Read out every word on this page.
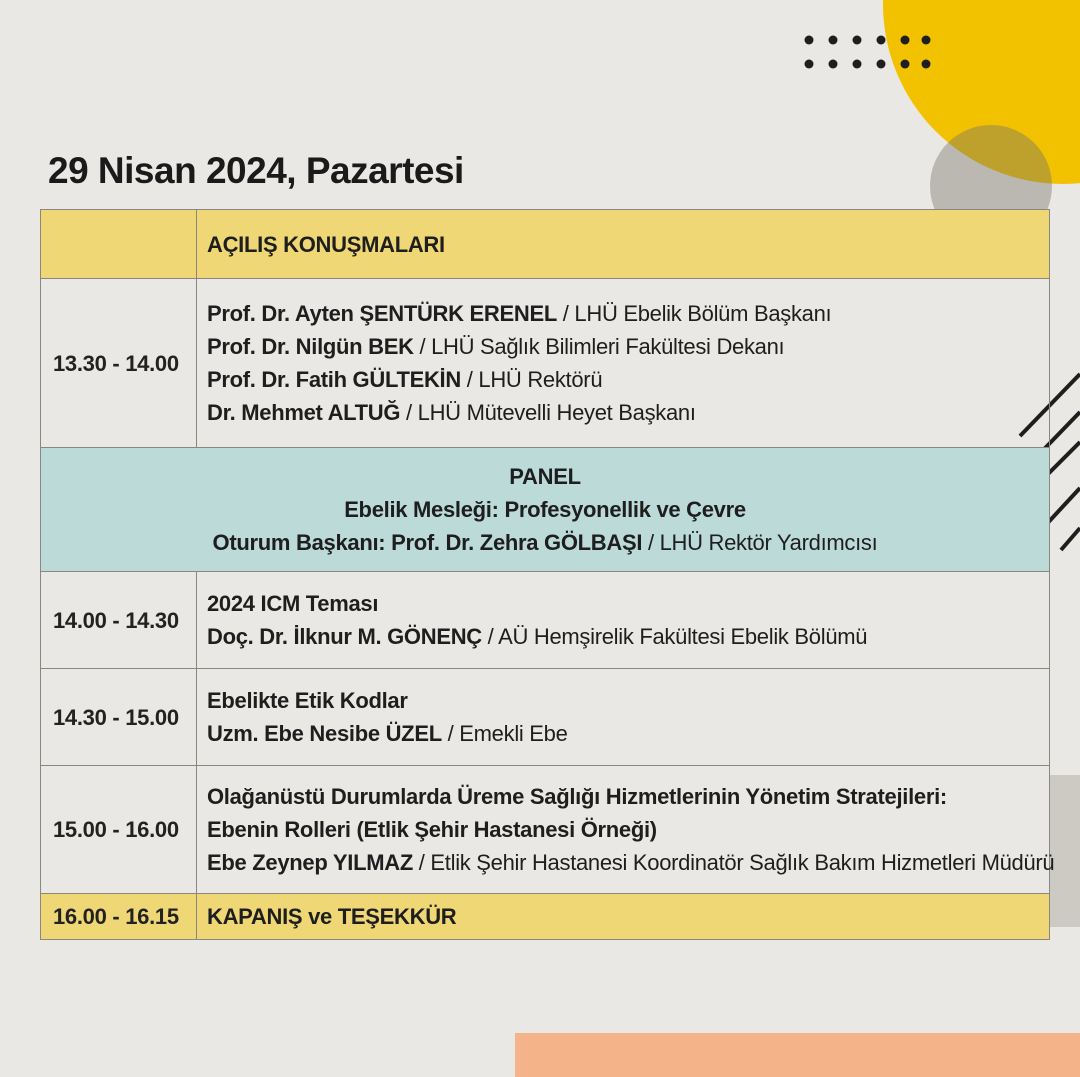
29 Nisan 2024, Pazartesi
	AÇILIŞ KONUŞMALARI
13.30 - 14.00	Prof. Dr. Ayten ŞENTÜRK ERENEL / LHÜ Ebelik Bölüm Başkanı
Prof. Dr. Nilgün BEK / LHÜ Sağlık Bilimleri Fakültesi Dekanı
Prof. Dr. Fatih GÜLTEKİN / LHÜ Rektörü
Dr. Mehmet ALTUĞ / LHÜ Mütevelli Heyet Başkanı

PANEL
Ebelik Mesleği: Profesyonellik ve Çevre
Oturum Başkanı: Prof. Dr. Zehra GÖLBAŞI / LHÜ Rektör Yardımcısı	

14.00 - 14.30	2024 ICM Teması
Doç. Dr. İlknur M. GÖNENÇ / AÜ Hemşirelik Fakültesi Ebelik Bölümü

14.30 - 15.00	Ebelikte Etik Kodlar
Uzm. Ebe Nesibe ÜZEL / Emekli Ebe

15.00 - 16.00	Olağanüstü Durumlarda Üreme Sağlığı Hizmetlerinin Yönetim Stratejileri:
Ebenin Rolleri (Etlik Şehir Hastanesi Örneği)
Ebe Zeynep YILMAZ / Etlik Şehir Hastanesi Koordinatör Sağlık Bakım Hizmetleri Müdürü

16.00 - 16.15	KAPANIŞ ve TEŞEKKÜR
